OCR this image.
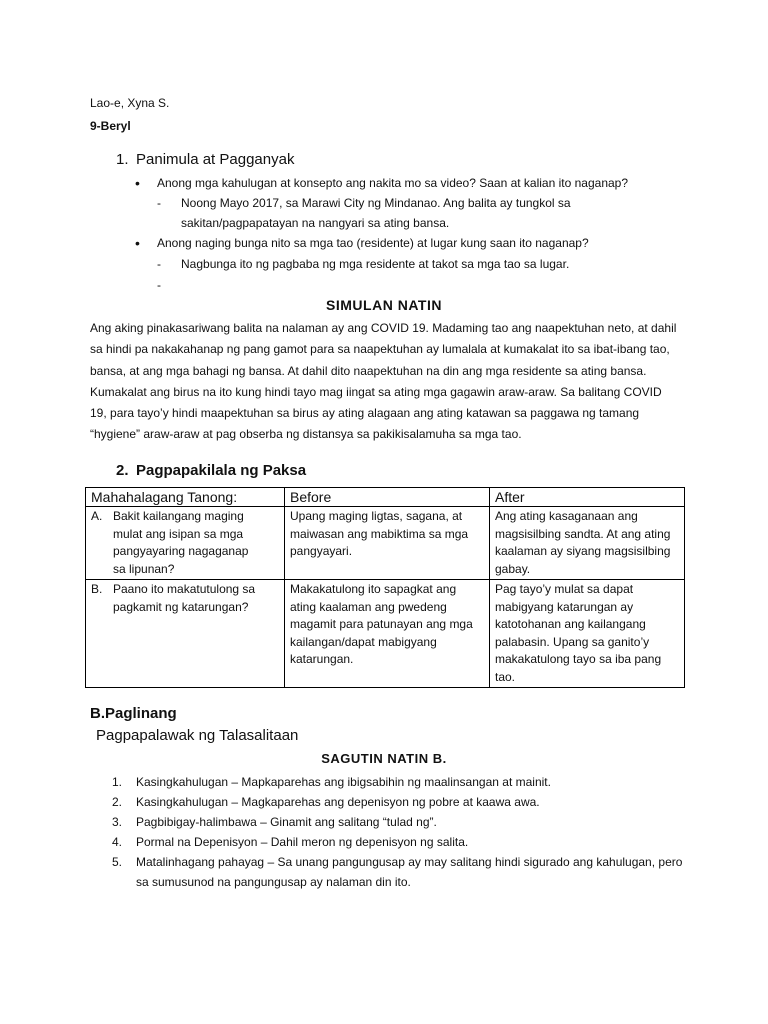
Lao-e, Xyna S.
9-Beryl
1. Panimula at Pagganyak
• Anong mga kahulugan at konsepto ang nakita mo sa video? Saan at kalian ito naganap?
- Noong Mayo 2017, sa Marawi City ng Mindanao. Ang balita ay tungkol sa sakitan/pagpapatayan na nangyari sa ating bansa.
• Anong naging bunga nito sa mga tao (residente) at lugar kung saan ito naganap?
- Nagbunga ito ng pagbaba ng mga residente at takot sa mga tao sa lugar.
-
SIMULAN NATIN
Ang aking pinakasariwang balita na nalaman ay ang COVID 19. Madaming tao ang naapektuhan neto, at dahil sa hindi pa nakakahanap ng pang gamot para sa naapektuhan ay lumalala at kumakalat ito sa ibat-ibang tao, bansa, at ang mga bahagi ng bansa. At dahil dito naapektuhan na din ang mga residente sa ating bansa. Kumakalat ang birus na ito kung hindi tayo mag iingat sa ating mga gagawin araw-araw. Sa balitang COVID 19, para tayo’y hindi maapektuhan sa birus ay ating alagaan ang ating katawan sa paggawa ng tamang “hygiene” araw-araw at pag obserba ng distansya sa pakikisalamuha sa mga tao.
2. Pagpapakilala ng Paksa
Mahahalagang Tanong:	Before	After
A. Bakit kailangang maging mulat ang isipan sa mga pangyayaring nagaganap sa lipunan?	Upang maging ligtas, sagana, at maiwasan ang mabiktima sa mga pangyayari.	Ang ating kasaganaan ang magsisilbing sandta. At ang ating kaalaman ay siyang magsisilbing gabay.
B. Paano ito makatutulong sa pagkamit ng katarungan?	Makakatulong ito sapagkat ang ating kaalaman ang pwedeng magamit para patunayan ang mga kailangan/dapat mabigyang katarungan.	Pag tayo’y mulat sa dapat mabigyang katarungan ay katotohanan ang kailangang palabasin. Upang sa ganito’y makakatulong tayo sa iba pang tao.
B.Paglinang
Pagpapalawak ng Talasalitaan
SAGUTIN NATIN B.
1. Kasingkahulugan – Mapkaparehas ang ibigsabihin ng maalinsangan at mainit.
2. Kasingkahulugan – Magkaparehas ang depenisyon ng pobre at kaawa awa.
3. Pagbibigay-halimbawa – Ginamit ang salitang “tulad ng”.
4. Pormal na Depenisyon – Dahil meron ng depenisyon ng salita.
5. Matalinhagang pahayag – Sa unang pangungusap ay may salitang hindi sigurado ang kahulugan, pero sa sumusunod na pangungusap ay nalaman din ito.
